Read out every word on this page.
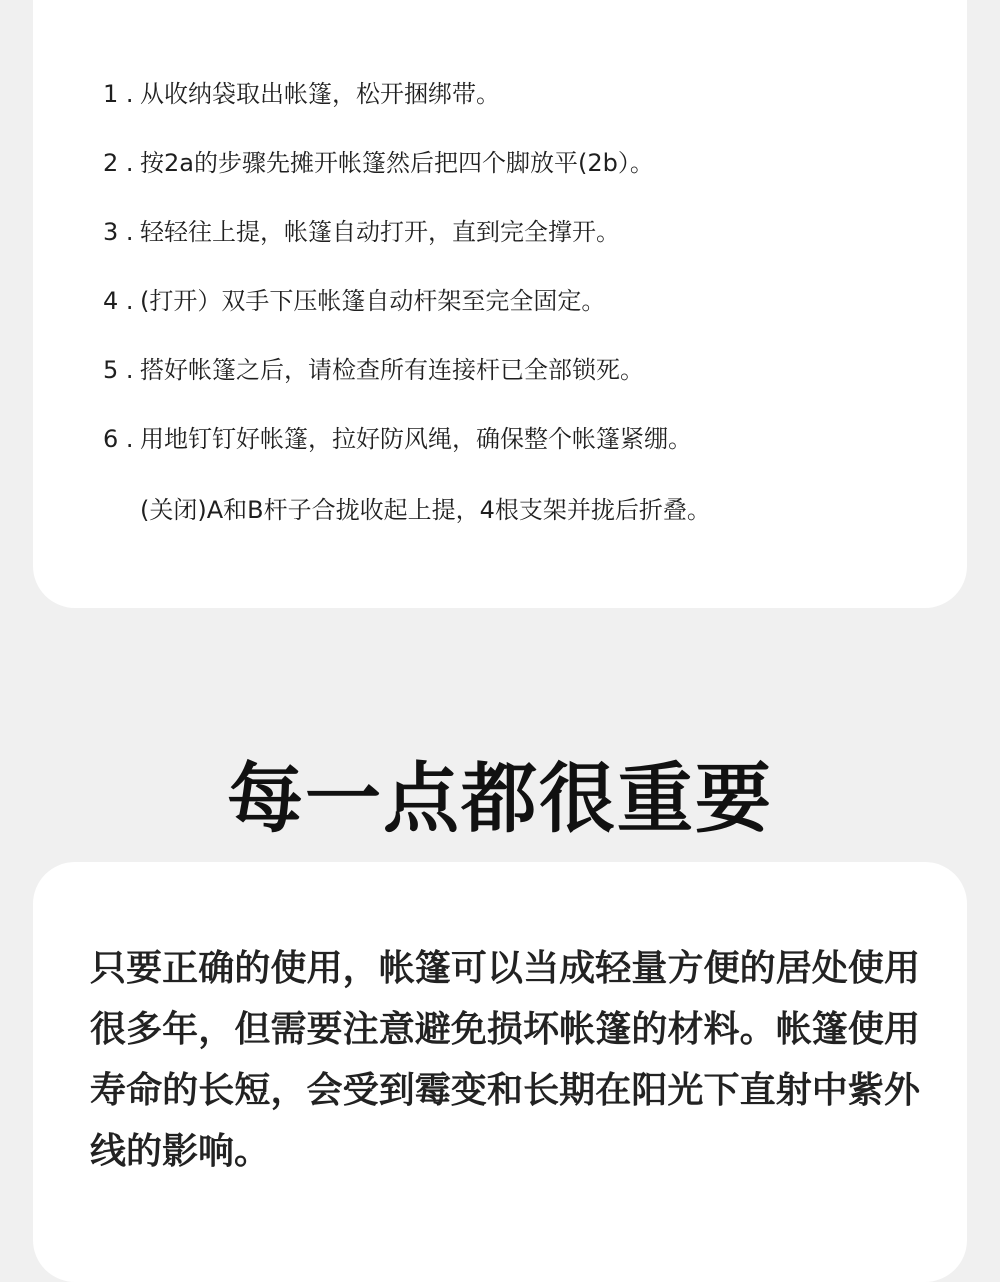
1 . 从收纳袋取出帐篷，松开捆绑带。
2 . 按2a的步骤先摊开帐篷然后把四个脚放平(2b）。
3 . 轻轻往上提，帐篷自动打开，直到完全撑开。
4 . (打开）双手下压帐篷自动杆架至完全固定。
5 . 搭好帐篷之后，请检查所有连接杆已全部锁死。
6 . 用地钉钉好帐篷，拉好防风绳，确保整个帐篷紧绷。
(关闭)A和B杆子合拢收起上提，4根支架并拢后折叠。
每一点都很重要

只要正确的使用，帐篷可以当成轻量方便的居处使用很多年，但需要注意避免损坏帐篷的材料。帐篷使用寿命的长短，会受到霉变和长期在阳光下直射中紫外线的影响。
